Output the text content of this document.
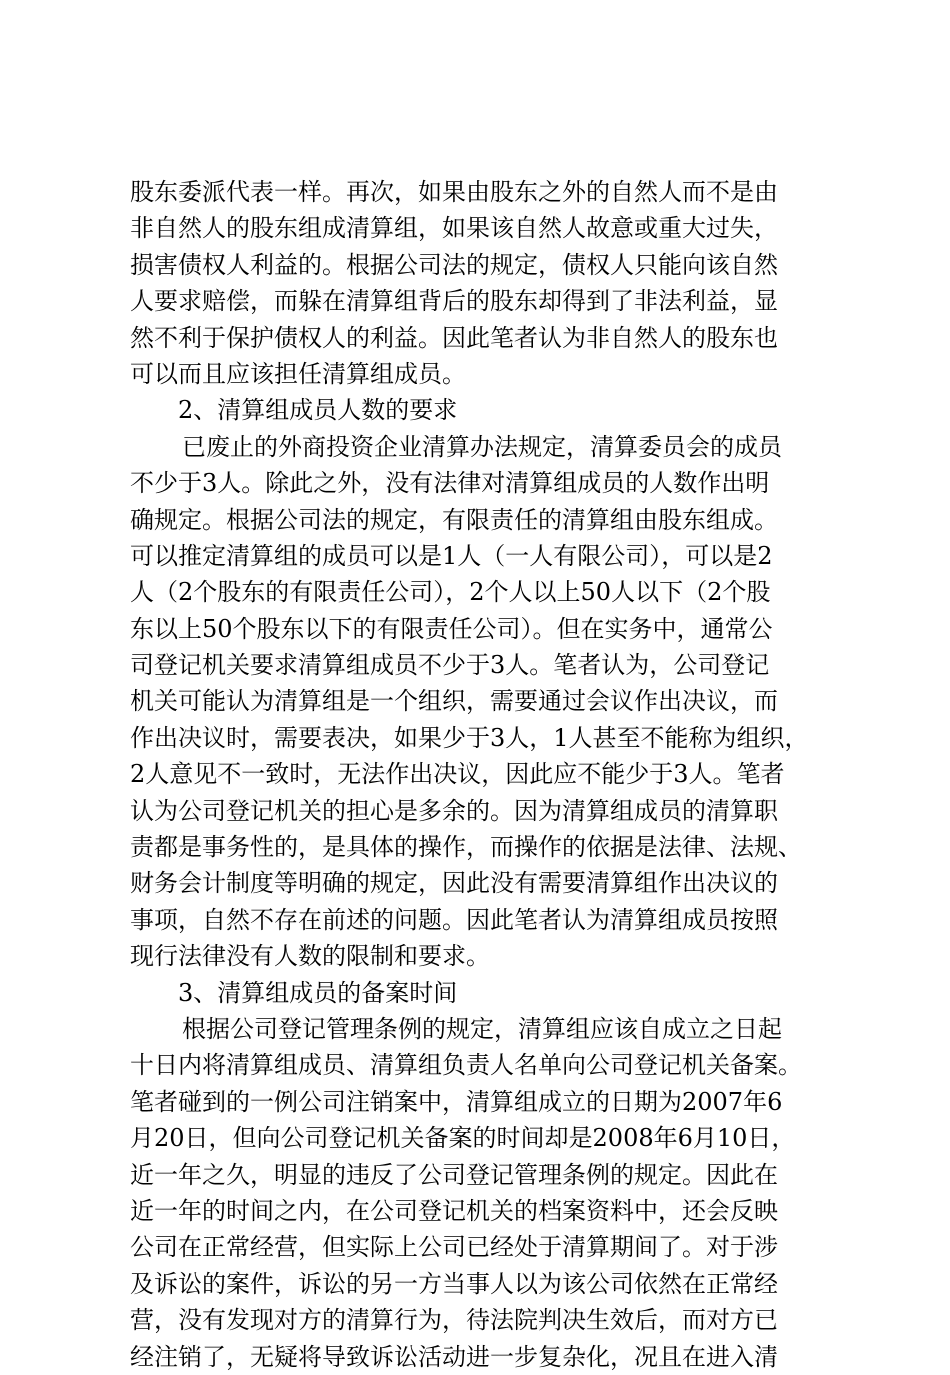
股东委派代表一样。再次，如果由股东之外的自然人而不是由
非自然人的股东组成清算组，如果该自然人故意或重大过失，
损害债权人利益的。根据公司法的规定，债权人只能向该自然
人要求赔偿，而躲在清算组背后的股东却得到了非法利益，显
然不利于保护债权人的利益。因此笔者认为非自然人的股东也
可以而且应该担任清算组成员。
2、清算组成员人数的要求
已废止的外商投资企业清算办法规定，清算委员会的成员
不少于3人。除此之外，没有法律对清算组成员的人数作出明
确规定。根据公司法的规定，有限责任的清算组由股东组成。
可以推定清算组的成员可以是1人（一人有限公司），可以是2
人（2个股东的有限责任公司），2个人以上50人以下（2个股
东以上50个股东以下的有限责任公司）。但在实务中，通常公
司登记机关要求清算组成员不少于3人。笔者认为，公司登记
机关可能认为清算组是一个组织，需要通过会议作出决议，而
作出决议时，需要表决，如果少于3人，1人甚至不能称为组织，
2人意见不一致时，无法作出决议，因此应不能少于3人。笔者
认为公司登记机关的担心是多余的。因为清算组成员的清算职
责都是事务性的，是具体的操作，而操作的依据是法律、法规、
财务会计制度等明确的规定，因此没有需要清算组作出决议的
事项，自然不存在前述的问题。因此笔者认为清算组成员按照
现行法律没有人数的限制和要求。
3、清算组成员的备案时间
根据公司登记管理条例的规定，清算组应该自成立之日起
十日内将清算组成员、清算组负责人名单向公司登记机关备案。
笔者碰到的一例公司注销案中，清算组成立的日期为2007年6
月20日，但向公司登记机关备案的时间却是2008年6月10日，
近一年之久，明显的违反了公司登记管理条例的规定。因此在
近一年的时间之内，在公司登记机关的档案资料中，还会反映
公司在正常经营，但实际上公司已经处于清算期间了。对于涉
及诉讼的案件，诉讼的另一方当事人以为该公司依然在正常经
营，没有发现对方的清算行为，待法院判决生效后，而对方已
经注销了，无疑将导致诉讼活动进一步复杂化，况且在进入清
